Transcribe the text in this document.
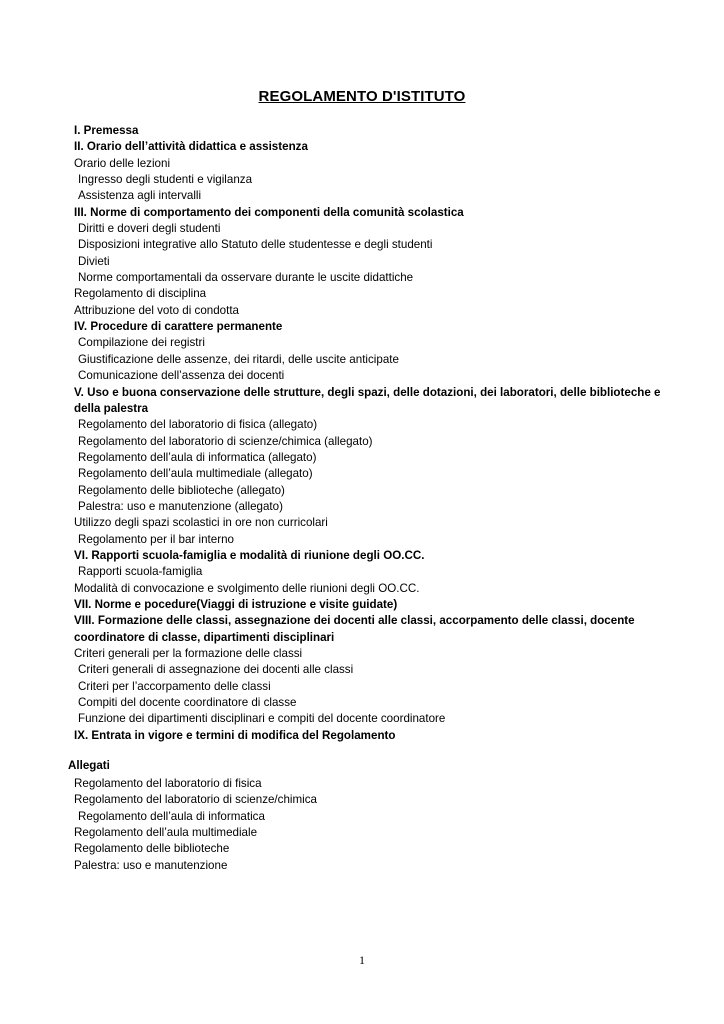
REGOLAMENTO D'ISTITUTO
I. Premessa
II. Orario dell’attività didattica e assistenza
Orario delle lezioni
Ingresso degli studenti e vigilanza
Assistenza agli intervalli
III. Norme di comportamento dei componenti della comunità scolastica
Diritti e doveri degli studenti
Disposizioni integrative allo Statuto delle studentesse e degli studenti
Divieti
Norme comportamentali da osservare durante le uscite didattiche
Regolamento di disciplina
Attribuzione del voto di condotta
IV. Procedure di carattere permanente
Compilazione dei registri
Giustificazione delle assenze, dei ritardi, delle uscite anticipate
Comunicazione dell’assenza dei docenti
V. Uso e buona conservazione delle strutture, degli spazi, delle dotazioni, dei laboratori, delle biblioteche e della palestra
Regolamento del laboratorio di fisica (allegato)
Regolamento del laboratorio di scienze/chimica (allegato)
Regolamento dell’aula di informatica (allegato)
Regolamento dell’aula multimediale (allegato)
Regolamento delle biblioteche (allegato)
Palestra: uso e manutenzione (allegato)
Utilizzo degli spazi scolastici in ore non curricolari
Regolamento per il bar interno
VI. Rapporti scuola-famiglia e modalità di riunione degli OO.CC.
Rapporti scuola-famiglia
Modalità di convocazione e svolgimento delle riunioni degli OO.CC.
VII. Norme e pocedure(Viaggi di istruzione e visite guidate)
VIII. Formazione delle classi, assegnazione dei docenti alle classi, accorpamento delle classi, docente coordinatore di classe, dipartimenti disciplinari
Criteri generali per la formazione delle classi
Criteri generali di assegnazione dei docenti alle classi
Criteri per l’accorpamento delle classi
Compiti del docente coordinatore di classe
Funzione dei dipartimenti disciplinari e compiti del docente coordinatore
IX. Entrata in vigore e termini di modifica del Regolamento
Allegati
Regolamento del laboratorio di fisica
Regolamento del laboratorio di scienze/chimica
Regolamento dell’aula di informatica
Regolamento dell’aula multimediale
Regolamento delle biblioteche
Palestra: uso e manutenzione
1
